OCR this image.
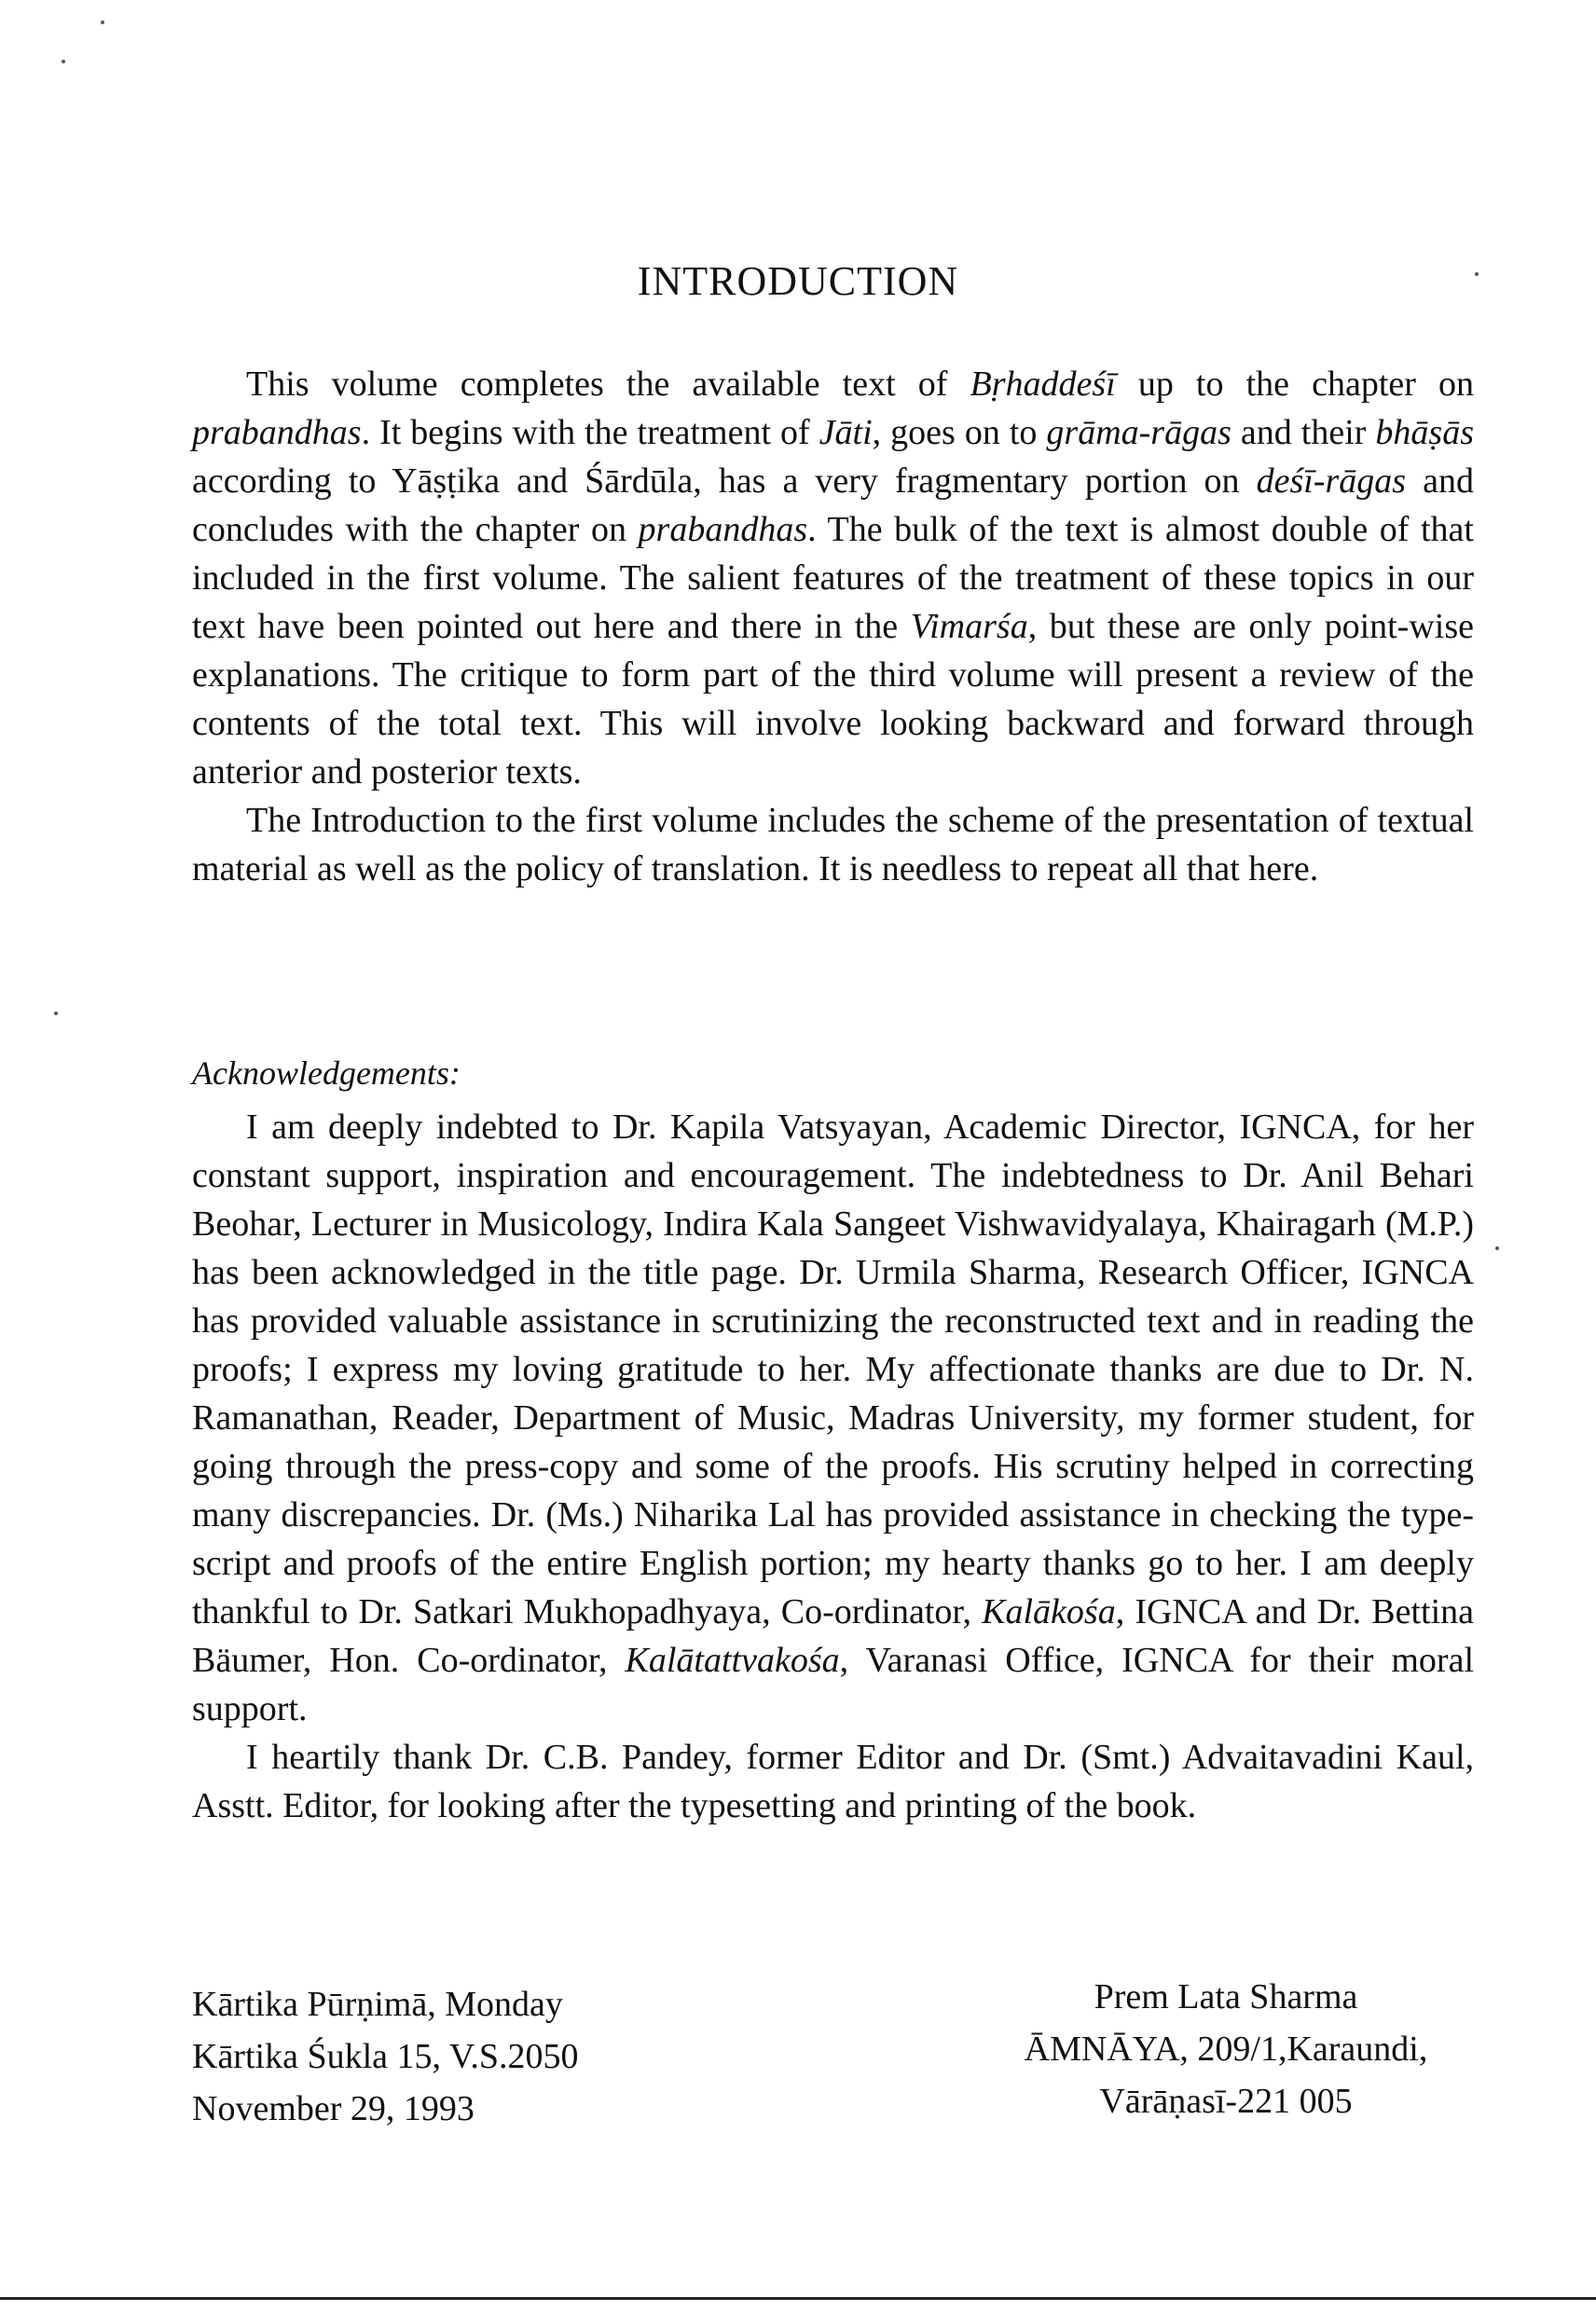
INTRODUCTION

This volume completes the available text of Bṛhaddeśī up to the chapter on prabandhas. It begins with the treatment of Jāti, goes on to grāma-rāgas and their bhāṣās according to Yāṣṭika and Śārdūla, has a very fragmentary portion on deśī-rāgas and concludes with the chapter on prabandhas. The bulk of the text is almost double of that included in the first volume. The salient features of the treatment of these topics in our text have been pointed out here and there in the Vimarśa, but these are only point-wise explanations. The critique to form part of the third volume will present a review of the contents of the total text. This will involve looking backward and forward through anterior and posterior texts.

The Introduction to the first volume includes the scheme of the presentation of textual material as well as the policy of translation. It is needless to repeat all that here.

Acknowledgements:

I am deeply indebted to Dr. Kapila Vatsyayan, Academic Director, IGNCA, for her constant support, inspiration and encouragement. The indebtedness to Dr. Anil Behari Beohar, Lecturer in Musicology, Indira Kala Sangeet Vishwavidyalaya, Khairagarh (M.P.) has been acknowledged in the title page. Dr. Urmila Sharma, Research Officer, IGNCA has provided valuable assistance in scrutinizing the reconstructed text and in reading the proofs; I express my loving gratitude to her. My affectionate thanks are due to Dr. N. Ramanathan, Reader, Department of Music, Madras University, my former student, for going through the press-copy and some of the proofs. His scrutiny helped in correcting many discrepancies. Dr. (Ms.) Niharika Lal has provided assistance in checking the type-script and proofs of the entire English portion; my hearty thanks go to her. I am deeply thankful to Dr. Satkari Mukhopadhyaya, Co-ordinator, Kalākośa, IGNCA and Dr. Bettina Bäumer, Hon. Co-ordinator, Kalātattvakośa, Varanasi Office, IGNCA for their moral support.

I heartily thank Dr. C.B. Pandey, former Editor and Dr. (Smt.) Advaitavadini Kaul, Asstt. Editor, for looking after the typesetting and printing of the book.

Kārtika Pūrṇimā, Monday
Kārtika Śukla 15, V.S.2050
November 29, 1993
Prem Lata Sharma
ĀMNĀYA, 209/1,Karaundi,
Vārāṇasī-221 005
